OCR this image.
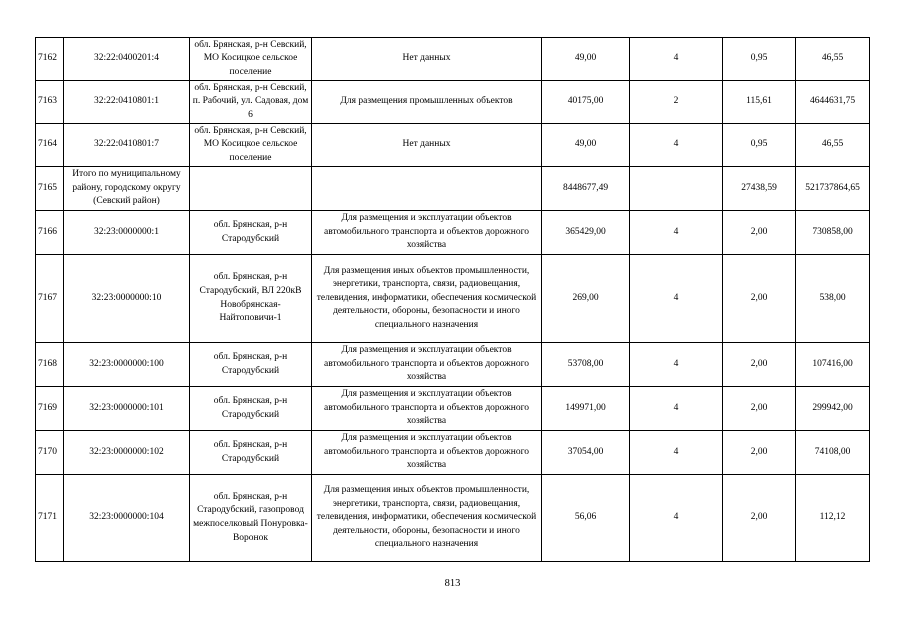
7162	32:22:0400201:4	обл. Брянская, р-н Севский, МО Косицкое сельское поселение	Нет данных	49,00	4	0,95	46,55
7163	32:22:0410801:1	обл. Брянская, р-н Севский, п. Рабочий, ул. Садовая, дом 6	Для размещения промышленных объектов	40175,00	2	115,61	4644631,75
7164	32:22:0410801:7	обл. Брянская, р-н Севский, МО Косицкое сельское поселение	Нет данных	49,00	4	0,95	46,55
7165	Итого по муниципальному району, городскому округу (Севский район)			8448677,49		27438,59	521737864,65
7166	32:23:0000000:1	обл. Брянская, р-н Стародубский	Для размещения и эксплуатации объектов автомобильного транспорта и объектов дорожного хозяйства	365429,00	4	2,00	730858,00
7167	32:23:0000000:10	обл. Брянская, р-н Стародубский, ВЛ 220кВ Новобрянская-Найтоповичи-1	Для размещения иных объектов промышленности, энергетики, транспорта, связи, радиовещания, телевидения, информатики, обеспечения космической деятельности, обороны, безопасности и иного специального назначения	269,00	4	2,00	538,00
7168	32:23:0000000:100	обл. Брянская, р-н Стародубский	Для размещения и эксплуатации объектов автомобильного транспорта и объектов дорожного хозяйства	53708,00	4	2,00	107416,00
7169	32:23:0000000:101	обл. Брянская, р-н Стародубский	Для размещения и эксплуатации объектов автомобильного транспорта и объектов дорожного хозяйства	149971,00	4	2,00	299942,00
7170	32:23:0000000:102	обл. Брянская, р-н Стародубский	Для размещения и эксплуатации объектов автомобильного транспорта и объектов дорожного хозяйства	37054,00	4	2,00	74108,00
7171	32:23:0000000:104	обл. Брянская, р-н Стародубский, газопровод межпоселковый Понуровка-Воронок	Для размещения иных объектов промышленности, энергетики, транспорта, связи, радиовещания, телевидения, информатики, обеспечения космической деятельности, обороны, безопасности и иного специального назначения	56,06	4	2,00	112,12
813
